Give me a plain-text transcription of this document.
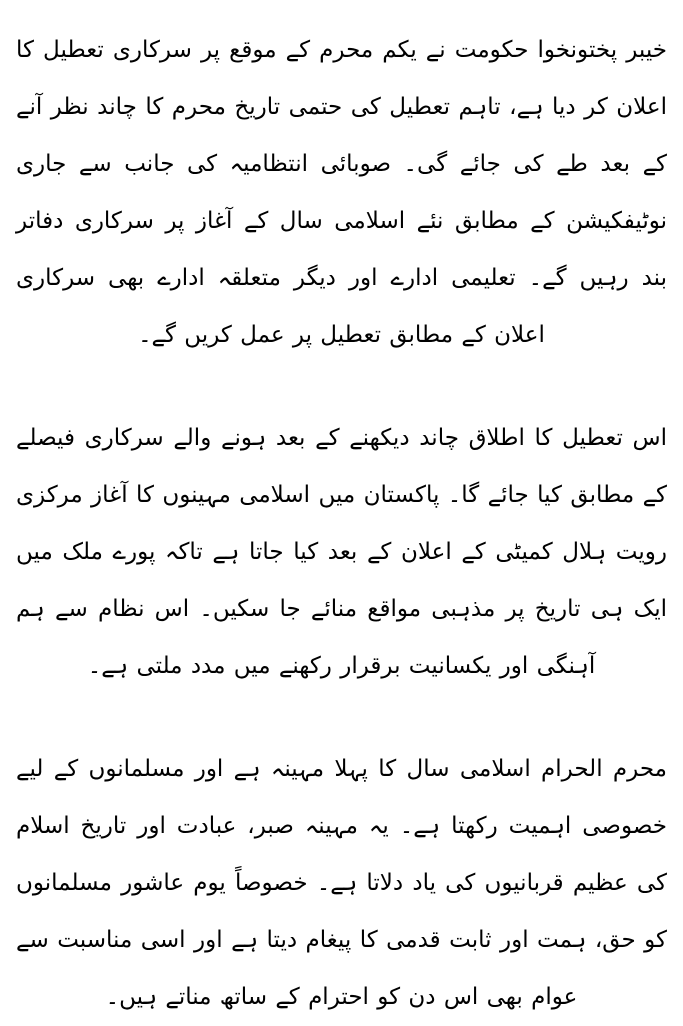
خیبر پختونخوا حکومت نے یکم محرم کے موقع پر سرکاری تعطیل کا اعلان کر دیا ہے، تاہم تعطیل کی حتمی تاریخ محرم کا چاند نظر آنے کے بعد طے کی جائے گی۔ صوبائی انتظامیہ کی جانب سے جاری نوٹیفکیشن کے مطابق نئے اسلامی سال کے آغاز پر سرکاری دفاتر بند رہیں گے۔ تعلیمی ادارے اور دیگر متعلقہ ادارے بھی سرکاری اعلان کے مطابق تعطیل پر عمل کریں گے۔

اس تعطیل کا اطلاق چاند دیکھنے کے بعد ہونے والے سرکاری فیصلے کے مطابق کیا جائے گا۔ پاکستان میں اسلامی مہینوں کا آغاز مرکزی رویت ہلال کمیٹی کے اعلان کے بعد کیا جاتا ہے تاکہ پورے ملک میں ایک ہی تاریخ پر مذہبی مواقع منائے جا سکیں۔ اس نظام سے ہم آہنگی اور یکسانیت برقرار رکھنے میں مدد ملتی ہے۔

محرم الحرام اسلامی سال کا پہلا مہینہ ہے اور مسلمانوں کے لیے خصوصی اہمیت رکھتا ہے۔ یہ مہینہ صبر، عبادت اور تاریخ اسلام کی عظیم قربانیوں کی یاد دلاتا ہے۔ خصوصاً یوم عاشور مسلمانوں کو حق، ہمت اور ثابت قدمی کا پیغام دیتا ہے اور اسی مناسبت سے عوام بھی اس دن کو احترام کے ساتھ مناتے ہیں۔
